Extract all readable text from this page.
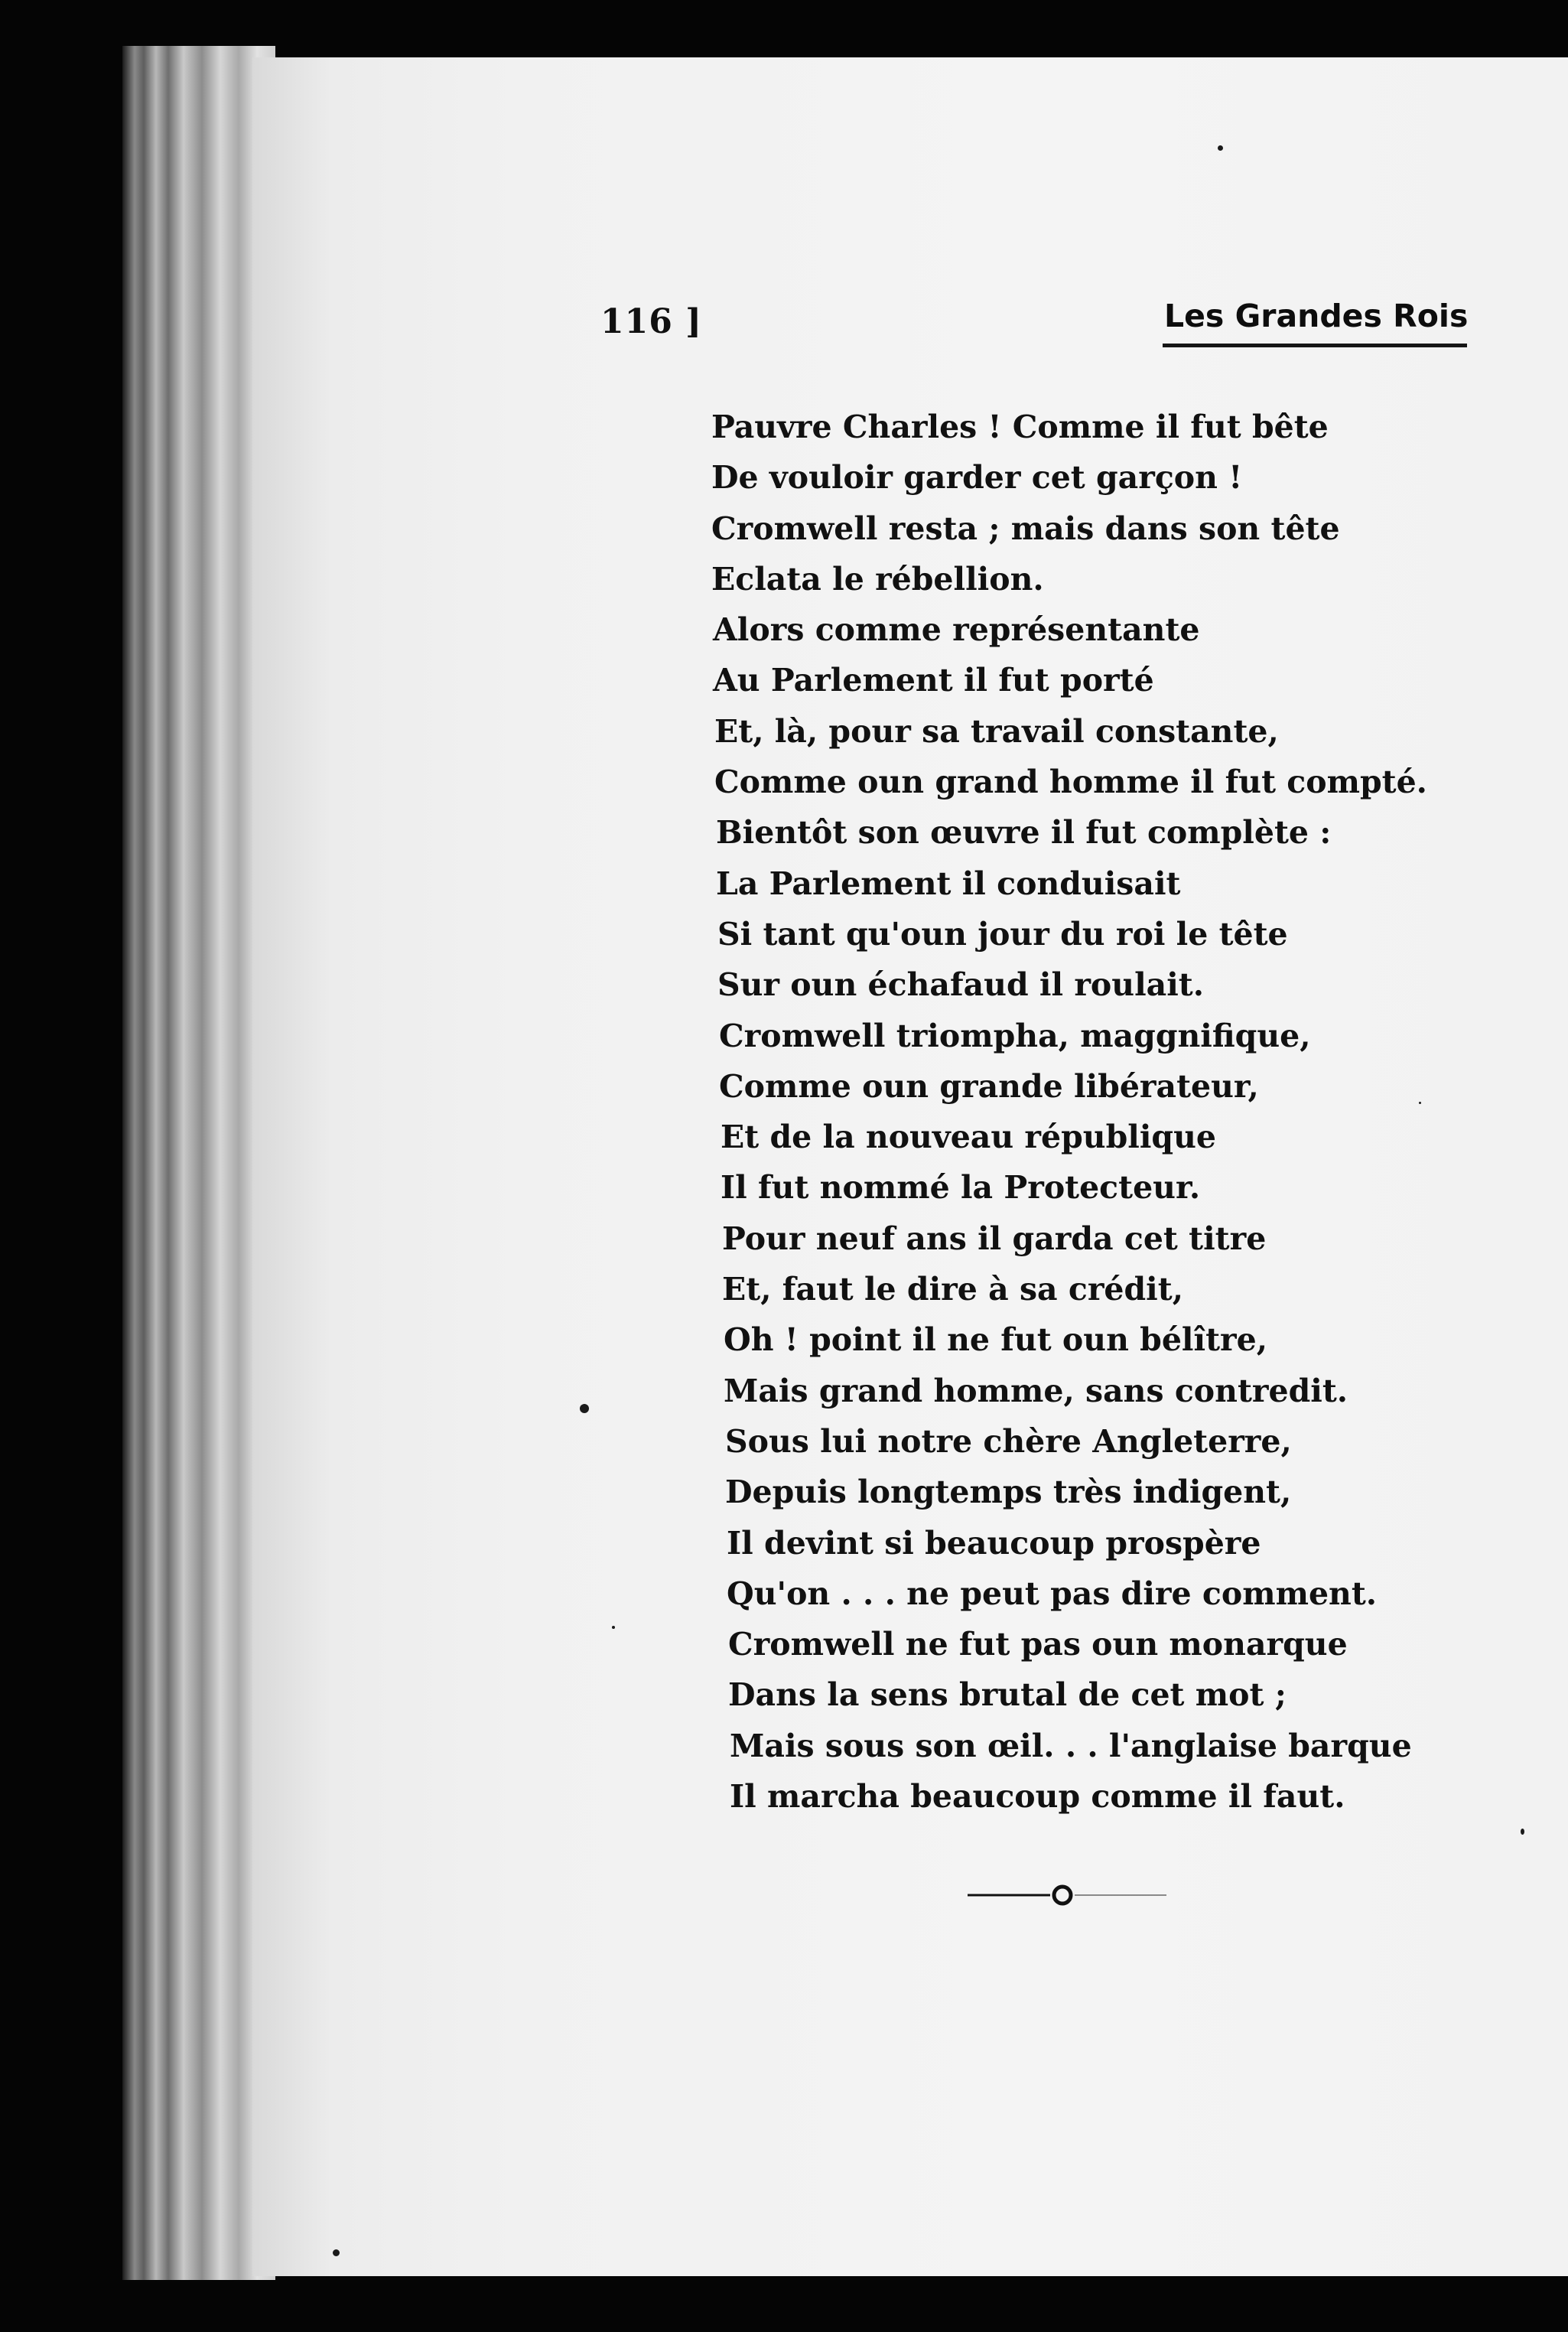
116 ]	Les Grandes Rois
Pauvre Charles ! Comme il fut bête
De vouloir garder cet garçon !
Cromwell resta ; mais dans son tête
Eclata le rébellion.
Alors comme représentante
Au Parlement il fut porté
Et, là, pour sa travail constante,
Comme oun grand homme il fut compté.
Bientôt son œuvre il fut complète :
La Parlement il conduisait
Si tant qu'oun jour du roi le tête
Sur oun échafaud il roulait.
Cromwell triompha, maggnifique,
Comme oun grande libérateur,
Et de la nouveau république
Il fut nommé la Protecteur.
Pour neuf ans il garda cet titre
Et, faut le dire à sa crédit,
Oh ! point il ne fut oun bélître,
Mais grand homme, sans contredit.
Sous lui notre chère Angleterre,
Depuis longtemps très indigent,
Il devint si beaucoup prospère
Qu'on . . . ne peut pas dire comment.
Cromwell ne fut pas oun monarque
Dans la sens brutal de cet mot ;
Mais sous son œil. . . l'anglaise barque
Il marcha beaucoup comme il faut.
